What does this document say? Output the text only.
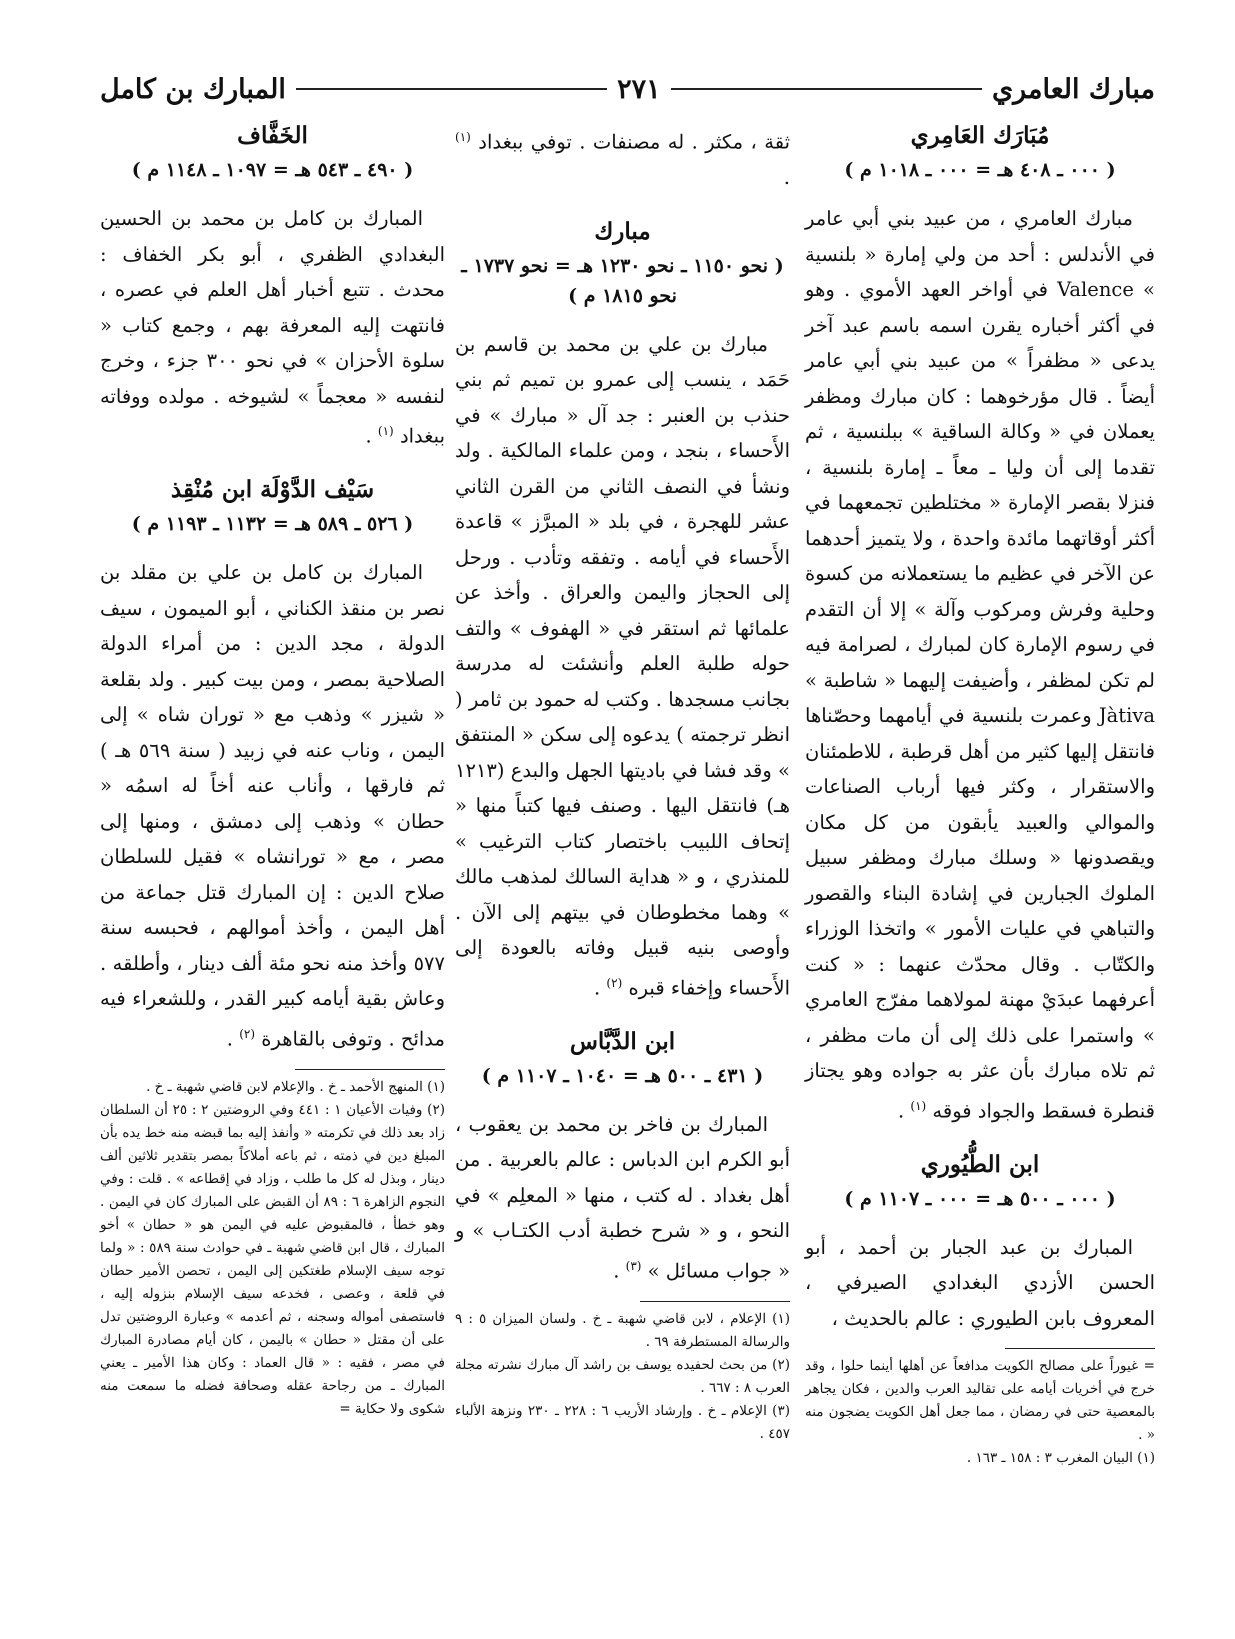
مبارك العامري
٢٧١
المبارك بن كامل
مُبَارَك العَامِري
( ٠٠٠ ـ ٤٠٨ هـ = ٠٠٠ ـ ١٠١٨ م )

مبارك العامري ، من عبيد بني أبي عامر في الأندلس : أحد من ولي إمارة « بلنسية » Valence في أواخر العهد الأموي . وهو في أكثر أخباره يقرن اسمه باسم عبد آخر يدعى « مظفراً » من عبيد بني أبي عامر أيضاً . قال مؤرخوهما : كان مبارك ومظفر يعملان في « وكالة الساقية » ببلنسية ، ثم تقدما إلى أن وليا ـ معاً ـ إمارة بلنسية ، فنزلا بقصر الإمارة « مختلطين تجمعهما في أكثر أوقاتهما مائدة واحدة ، ولا يتميز أحدهما عن الآخر في عظيم ما يستعملانه من كسوة وحلية وفرش ومركوب وآلة » إلا أن التقدم في رسوم الإمارة كان لمبارك ، لصرامة فيه لم تكن لمظفر ، وأضيفت إليهما « شاطبة » Jàtiva وعمرت بلنسية في أيامهما وحصّناها فانتقل إليها كثير من أهل قرطبة ، للاطمئنان والاستقرار ، وكثر فيها أرباب الصناعات والموالي والعبيد يأبقون من كل مكان ويقصدونها « وسلك مبارك ومظفر سبيل الملوك الجبارين في إشادة البناء والقصور والتباهي في عليات الأمور » واتخذا الوزراء والكتّاب . وقال محدّث عنهما : « كنت أعرفهما عبدَيْ مهنة لمولاهما مفرّج العامري » واستمرا على ذلك إلى أن مات مظفر ، ثم تلاه مبارك بأن عثر به جواده وهو يجتاز قنطرة فسقط والجواد فوقه $^{(١)}$ .

ابن الطُّيُوري
( ٠٠٠ ـ ٥٠٠ هـ = ٠٠٠ ـ ١١٠٧ م )

المبارك بن عبد الجبار بن أحمد ، أبو الحسن الأزدي البغدادي الصيرفي ، المعروف بابن الطيوري : عالم بالحديث ،

= غيوراً على مصالح الكويت مدافعاً عن أهلها أينما حلوا ، وقد خرج في أخريات أيامه على تقاليد العرب والدين ، فكان يجاهر بالمعصية حتى في رمضان ، مما جعل أهل الكويت يضجون منه « .

(١) البيان المغرب ٣ : ١٥٨ ـ ١٦٣ .

ثقة ، مكثر . له مصنفات . توفي ببغداد $^{(١)}$ .

مبارك
( نحو ١١٥٠ ـ نحو ١٢٣٠ هـ = نحو ١٧٣٧ ـ نحو ١٨١٥ م )

مبارك بن علي بن محمد بن قاسم بن حَمَد ، ينسب إلى عمرو بن تميم ثم بني حنذب بن العنبر : جد آل « مبارك » في الأَحساء ، بنجد ، ومن علماء المالكية . ولد ونشأ في النصف الثاني من القرن الثاني عشر للهجرة ، في بلد « المبرَّز » قاعدة الأَحساء في أيامه . وتفقه وتأدب . ورحل إلى الحجاز واليمن والعراق . وأخذ عن علمائها ثم استقر في « الهفوف » والتف حوله طلبة العلم وأنشئت له مدرسة بجانب مسجدها . وكتب له حمود بن ثامر ( انظر ترجمته ) يدعوه إلى سكن « المنتفق » وقد فشا في باديتها الجهل والبدع (١٢١٣ هـ) فانتقل اليها . وصنف فيها كتباً منها « إتحاف اللبيب باختصار كتاب الترغيب » للمنذري ، و « هداية السالك لمذهب مالك » وهما مخطوطان في بيتهم إلى الآن . وأوصى بنيه قبيل وفاته بالعودة إلى الأَحساء وإخفاء قبره $^{(٢)}$ .

ابن الدَّبَّاس
( ٤٣١ ـ ٥٠٠ هـ = ١٠٤٠ ـ ١١٠٧ م )

المبارك بن فاخر بن محمد بن يعقوب ، أبو الكرم ابن الدباس : عالم بالعربية . من أهل بغداد . له كتب ، منها « المعلِم » في النحو ، و « شرح خطبة أدب الكتـاب » و « جواب مسائل » $^{(٣)}$ .

(١) الإعلام ، لابن قاضي شهبة ـ خ . ولسان الميزان ٥ : ٩ والرسالة المستطرفة ٦٩ .

(٢) من بحث لحفيده يوسف بن راشد آل مبارك نشرته مجلة العرب ٨ : ٦٦٧ .

(٣) الإعلام ـ خ . وإرشاد الأريب ٦ : ٢٢٨ ـ ٢٣٠ ونزهة الألباء ٤٥٧ .

الخَفَّاف
( ٤٩٠ ـ ٥٤٣ هـ = ١٠٩٧ ـ ١١٤٨ م )

المبارك بن كامل بن محمد بن الحسين البغدادي الظفري ، أبو بكر الخفاف : محدث . تتبع أخبار أهل العلم في عصره ، فانتهت إليه المعرفة بهم ، وجمع كتاب « سلوة الأحزان » في نحو ٣٠٠ جزء ، وخرج لنفسه « معجماً » لشيوخه . مولده ووفاته ببغداد $^{(١)}$ .

سَيْف الدَّوْلَة ابن مُنْقِذ
( ٥٢٦ ـ ٥٨٩ هـ = ١١٣٢ ـ ١١٩٣ م )

المبارك بن كامل بن علي بن مقلد بن نصر بن منقذ الكناني ، أبو الميمون ، سيف الدولة ، مجد الدين : من أمراء الدولة الصلاحية بمصر ، ومن بيت كبير . ولد بقلعة « شيزر » وذهب مع « توران شاه » إلى اليمن ، وناب عنه في زبيد ( سنة ٥٦٩ هـ ) ثم فارقها ، وأناب عنه أخاً له اسمُه « حطان » وذهب إلى دمشق ، ومنها إلى مصر ، مع « تورانشاه » فقيل للسلطان صلاح الدين : إن المبارك قتل جماعة من أهل اليمن ، وأخذ أموالهم ، فحبسه سنة ٥٧٧ وأخذ منه نحو مئة ألف دينار ، وأطلقه . وعاش بقية أيامه كبير القدر ، وللشعراء فيه مدائح . وتوفى بالقاهرة $^{(٢)}$ .

(١) المنهج الأحمد ـ خ . والإعلام لابن قاضي شهبة ـ خ .

(٢) وفيات الأعيان ١ : ٤٤١ وفي الروضتين ٢ : ٢٥ أن السلطان زاد بعد ذلك في تكرمته « وأنفذ إليه بما قبضه منه خط يده بأن المبلغ دين في ذمته ، ثم باعه أملاكاً بمصر بتقدير ثلاثين ألف دينار ، وبذل له كل ما طلب ، وزاد في إقطاعه » . قلت : وفي النجوم الزاهرة ٦ : ٨٩ أن القبض على المبارك كان في اليمن . وهو خطأ ، فالمقبوض عليه في اليمن هو « حطان » أخو المبارك ، قال ابن قاضي شهبة ـ في حوادث سنة ٥٨٩ : « ولما توجه سيف الإسلام طغتكين إلى اليمن ، تحصن الأمير حطان في قلعة ، وعصى ، فخدعه سيف الإسلام بنزوله إليه ، فاستصفى أمواله وسجنه ، ثم أعدمه » وعبارة الروضتين تدل على أن مقتل « حطان » باليمن ، كان أيام مصادرة المبارك في مصر ، فقيه : « قال العماد : وكان هذا الأمير ـ يعني المبارك ـ من رجاحة عقله وصحافة فضله ما سمعت منه شكوى ولا حكاية =
